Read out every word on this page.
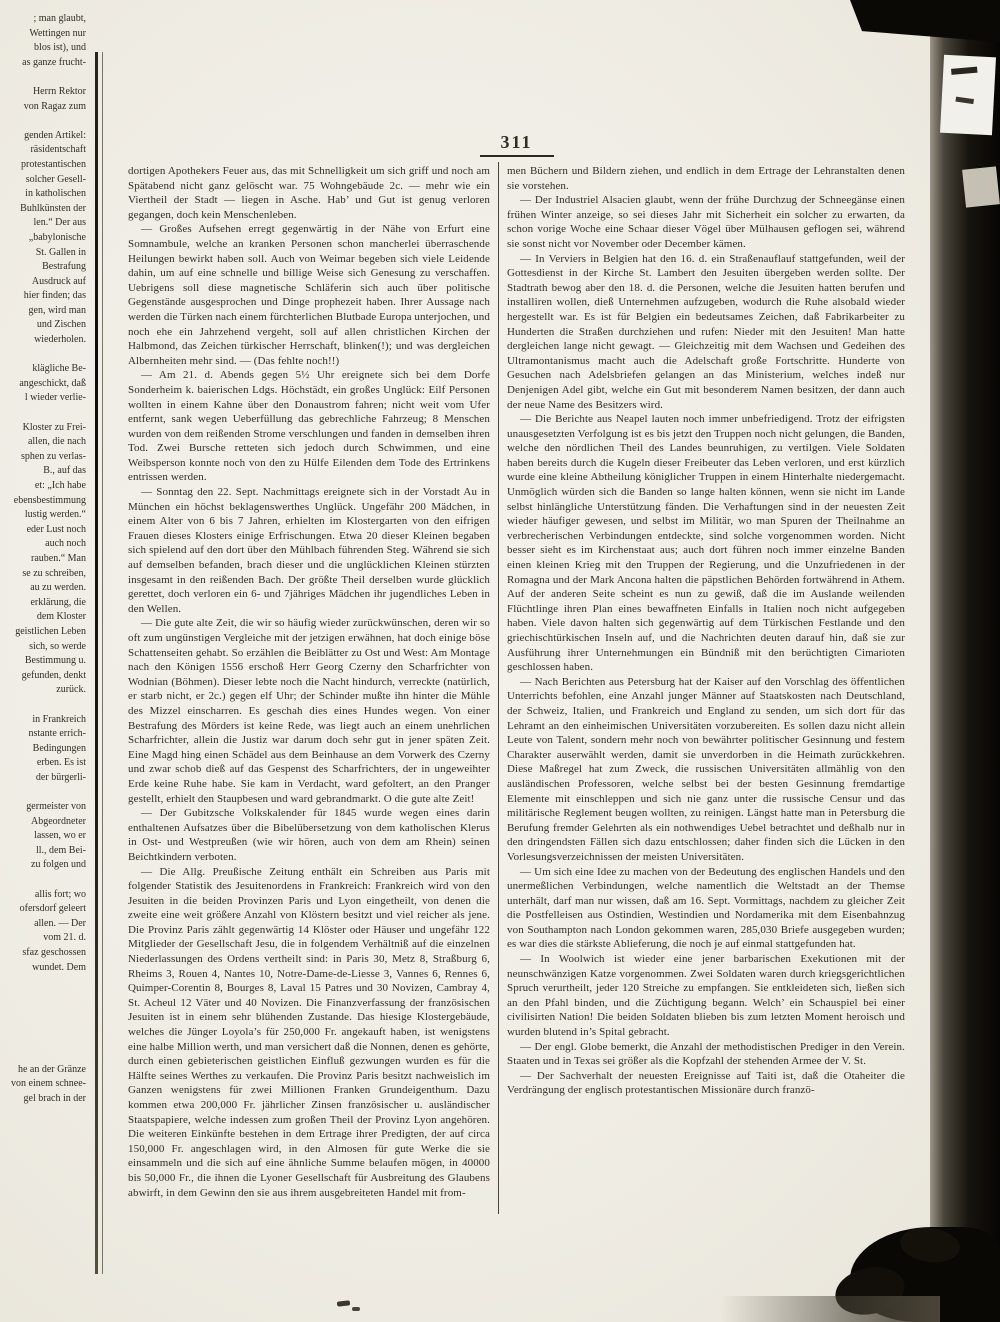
; man glaubt,
Wettingen nur
blos ist), und
as ganze frucht-
Herrn Rektor
von Ragaz zum
genden Artikel:
räsidentschaft
protestantischen
solcher Gesell-
in katholischen
Buhlkünsten der
len.“ Der aus
„babylonische
St. Gallen in
Bestrafung
Ausdruck auf
hier finden; das
gen, wird man
und Zischen
wiederholen.
klägliche Be-
angeschickt, daß
l wieder verlie-
Kloster zu Frei-
allen, die nach
sphen zu verlas-
B., auf das
et: „Ich habe
ebensbestimmung
lustig werden.“
eder Lust noch
auch noch
rauben.“ Man
se zu schreiben,
au zu werden.
erklärung, die
dem Kloster
geistlichen Leben
sich, so werde
Bestimmung u.
gefunden, denkt
zurück.
in Frankreich
nstante errich-
Bedingungen
erben. Es ist
der bürgerli-
germeister von
Abgeordneter
lassen, wo er
ll., dem Bei-
zu folgen und
allis fort; wo
ofersdorf geleert
allen. — Der
vom 21. d.
sfaz geschossen
wundet. Dem
he an der Gränze
von einem schnee-
gel brach in der
311

dortigen Apothekers Feuer aus, das mit Schnelligkeit um sich griff und noch am Spätabend nicht ganz gelöscht war. 75 Wohngebäude 2c. — mehr wie ein Viertheil der Stadt — liegen in Asche. Hab’ und Gut ist genug verloren gegangen, doch kein Menschenleben.

— Großes Aufsehen erregt gegenwärtig in der Nähe von Erfurt eine Somnambule, welche an kranken Personen schon mancherlei überraschende Heilungen bewirkt haben soll. Auch von Weimar begeben sich viele Leidende dahin, um auf eine schnelle und billige Weise sich Genesung zu verschaffen. Uebrigens soll diese magnetische Schläferin sich auch über politische Gegenstände ausgesprochen und Dinge prophezeit haben. Ihrer Aussage nach werden die Türken nach einem fürchterlichen Blutbade Europa unterjochen, und noch ehe ein Jahrzehend vergeht, soll auf allen christlichen Kirchen der Halbmond, das Zeichen türkischer Herrschaft, blinken(!); und was dergleichen Albernheiten mehr sind. — (Das fehlte noch!!)

— Am 21. d. Abends gegen 5½ Uhr ereignete sich bei dem Dorfe Sonderheim k. baierischen Ldgs. Höchstädt, ein großes Unglück: Eilf Personen wollten in einem Kahne über den Donaustrom fahren; nicht weit vom Ufer entfernt, sank wegen Ueberfüllung das gebrechliche Fahrzeug; 8 Menschen wurden von dem reißenden Strome verschlungen und fanden in demselben ihren Tod. Zwei Bursche retteten sich jedoch durch Schwimmen, und eine Weibsperson konnte noch von den zu Hülfe Eilenden dem Tode des Ertrinkens entrissen werden.

— Sonntag den 22. Sept. Nachmittags ereignete sich in der Vorstadt Au in München ein höchst beklagenswerthes Unglück. Ungefähr 200 Mädchen, in einem Alter von 6 bis 7 Jahren, erhielten im Klostergarten von den eifrigen Frauen dieses Klosters einige Erfrischungen. Etwa 20 dieser Kleinen begaben sich spielend auf den dort über den Mühlbach führenden Steg. Während sie sich auf demselben befanden, brach dieser und die unglücklichen Kleinen stürzten insgesamt in den reißenden Bach. Der größte Theil derselben wurde glücklich gerettet, doch verloren ein 6- und 7jähriges Mädchen ihr jugendliches Leben in den Wellen.

— Die gute alte Zeit, die wir so häufig wieder zurückwünschen, deren wir so oft zum ungünstigen Vergleiche mit der jetzigen erwähnen, hat doch einige böse Schattenseiten gehabt. So erzählen die Beiblätter zu Ost und West: Am Montage nach den Königen 1556 erschoß Herr Georg Czerny den Scharfrichter von Wodnian (Böhmen). Dieser lebte noch die Nacht hindurch, verreckte (natürlich, er starb nicht, er 2c.) gegen elf Uhr; der Schinder mußte ihn hinter die Mühle des Mizzel einscharren. Es geschah dies eines Hundes wegen. Von einer Bestrafung des Mörders ist keine Rede, was liegt auch an einem unehrlichen Scharfrichter, allein die Justiz war darum doch sehr gut in jener späten Zeit. Eine Magd hing einen Schädel aus dem Beinhause an dem Vorwerk des Czerny und zwar schob dieß auf das Gespenst des Scharfrichters, der in ungeweihter Erde keine Ruhe habe. Sie kam in Verdacht, ward gefoltert, an den Pranger gestellt, erhielt den Staupbesen und ward gebrandmarkt. O die gute alte Zeit!

— Der Gubitzsche Volkskalender für 1845 wurde wegen eines darin enthaltenen Aufsatzes über die Bibelübersetzung von dem katholischen Klerus in Ost- und Westpreußen (wie wir hören, auch von dem am Rhein) seinen Beichtkindern verboten.

— Die Allg. Preußische Zeitung enthält ein Schreiben aus Paris mit folgender Statistik des Jesuitenordens in Frankreich: Frankreich wird von den Jesuiten in die beiden Provinzen Paris und Lyon eingetheilt, von denen die zweite eine weit größere Anzahl von Klöstern besitzt und viel reicher als jene. Die Provinz Paris zählt gegenwärtig 14 Klöster oder Häuser und ungefähr 122 Mitglieder der Gesellschaft Jesu, die in folgendem Verhältniß auf die einzelnen Niederlassungen des Ordens vertheilt sind: in Paris 30, Metz 8, Straßburg 6, Rheims 3, Rouen 4, Nantes 10, Notre-Dame-de-Liesse 3, Vannes 6, Rennes 6, Quimper-Corentin 8, Bourges 8, Laval 15 Patres und 30 Novizen, Cambray 4, St. Acheul 12 Väter und 40 Novizen. Die Finanzverfassung der französischen Jesuiten ist in einem sehr blühenden Zustande. Das hiesige Klostergebäude, welches die Jünger Loyola’s für 250,000 Fr. angekauft haben, ist wenigstens eine halbe Million werth, und man versichert daß die Nonnen, denen es gehörte, durch einen gebieterischen geistlichen Einfluß gezwungen wurden es für die Hälfte seines Werthes zu verkaufen. Die Provinz Paris besitzt nachweislich im Ganzen wenigstens für zwei Millionen Franken Grundeigenthum. Dazu kommen etwa 200,000 Fr. jährlicher Zinsen französischer u. ausländischer Staatspapiere, welche indessen zum großen Theil der Provinz Lyon angehören. Die weiteren Einkünfte bestehen in dem Ertrage ihrer Predigten, der auf circa 150,000 Fr. angeschlagen wird, in den Almosen für gute Werke die sie einsammeln und die sich auf eine ähnliche Summe belaufen mögen, in 40000 bis 50,000 Fr., die ihnen die Lyoner Gesellschaft für Ausbreitung des Glaubens abwirft, in dem Gewinn den sie aus ihrem ausgebreiteten Handel mit from-

men Büchern und Bildern ziehen, und endlich in dem Ertrage der Lehranstalten denen sie vorstehen.

— Der Industriel Alsacien glaubt, wenn der frühe Durchzug der Schneegänse einen frühen Winter anzeige, so sei dieses Jahr mit Sicherheit ein solcher zu erwarten, da schon vorige Woche eine Schaar dieser Vögel über Mülhausen geflogen sei, während sie sonst nicht vor November oder December kämen.

— In Verviers in Belgien hat den 16. d. ein Straßenauflauf stattgefunden, weil der Gottesdienst in der Kirche St. Lambert den Jesuiten übergeben werden sollte. Der Stadtrath bewog aber den 18. d. die Personen, welche die Jesuiten hatten berufen und installiren wollen, dieß Unternehmen aufzugeben, wodurch die Ruhe alsobald wieder hergestellt war. Es ist für Belgien ein bedeutsames Zeichen, daß Fabrikarbeiter zu Hunderten die Straßen durchziehen und rufen: Nieder mit den Jesuiten! Man hatte dergleichen lange nicht gewagt. — Gleichzeitig mit dem Wachsen und Gedeihen des Ultramontanismus macht auch die Adelschaft große Fortschritte. Hunderte von Gesuchen nach Adelsbriefen gelangen an das Ministerium, welches indeß nur Denjenigen Adel gibt, welche ein Gut mit besonderem Namen besitzen, der dann auch der neue Name des Besitzers wird.

— Die Berichte aus Neapel lauten noch immer unbefriedigend. Trotz der eifrigsten unausgesetzten Verfolgung ist es bis jetzt den Truppen noch nicht gelungen, die Banden, welche den nördlichen Theil des Landes beunruhigen, zu vertilgen. Viele Soldaten haben bereits durch die Kugeln dieser Freibeuter das Leben verloren, und erst kürzlich wurde eine kleine Abtheilung königlicher Truppen in einem Hinterhalte niedergemacht. Unmöglich würden sich die Banden so lange halten können, wenn sie nicht im Lande selbst hinlängliche Unterstützung fänden. Die Verhaftungen sind in der neuesten Zeit wieder häufiger gewesen, und selbst im Militär, wo man Spuren der Theilnahme an verbrecherischen Verbindungen entdeckte, sind solche vorgenommen worden. Nicht besser sieht es im Kirchenstaat aus; auch dort führen noch immer einzelne Banden einen kleinen Krieg mit den Truppen der Regierung, und die Unzufriedenen in der Romagna und der Mark Ancona halten die päpstlichen Behörden fortwährend in Athem. Auf der anderen Seite scheint es nun zu gewiß, daß die im Auslande weilenden Flüchtlinge ihren Plan eines bewaffneten Einfalls in Italien noch nicht aufgegeben haben. Viele davon halten sich gegenwärtig auf dem Türkischen Festlande und den griechischtürkischen Inseln auf, und die Nachrichten deuten darauf hin, daß sie zur Ausführung ihrer Unternehmungen ein Bündniß mit den berüchtigten Cimarioten geschlossen haben.

— Nach Berichten aus Petersburg hat der Kaiser auf den Vorschlag des öffentlichen Unterrichts befohlen, eine Anzahl junger Männer auf Staatskosten nach Deutschland, der Schweiz, Italien, und Frankreich und England zu senden, um sich dort für das Lehramt an den einheimischen Universitäten vorzubereiten. Es sollen dazu nicht allein Leute von Talent, sondern mehr noch von bewährter politischer Gesinnung und festem Charakter auserwählt werden, damit sie unverdorben in die Heimath zurückkehren. Diese Maßregel hat zum Zweck, die russischen Universitäten allmählig von den ausländischen Professoren, welche selbst bei der besten Gesinnung fremdartige Elemente mit einschleppen und sich nie ganz unter die russische Censur und das militärische Reglement beugen wollten, zu reinigen. Längst hatte man in Petersburg die Berufung fremder Gelehrten als ein nothwendiges Uebel betrachtet und deßhalb nur in den dringendsten Fällen sich dazu entschlossen; daher finden sich die Lücken in den Vorlesungsverzeichnissen der meisten Universitäten.

— Um sich eine Idee zu machen von der Bedeutung des englischen Handels und den unermeßlichen Verbindungen, welche namentlich die Weltstadt an der Themse unterhält, darf man nur wissen, daß am 16. Sept. Vormittags, nachdem zu gleicher Zeit die Postfelleisen aus Ostindien, Westindien und Nordamerika mit dem Eisenbahnzug von Southampton nach London gekommen waren, 285,030 Briefe ausgegeben wurden; es war dies die stärkste Ablieferung, die noch je auf einmal stattgefunden hat.

— In Woolwich ist wieder eine jener barbarischen Exekutionen mit der neunschwänzigen Katze vorgenommen. Zwei Soldaten waren durch kriegsgerichtlichen Spruch verurtheilt, jeder 120 Streiche zu empfangen. Sie entkleideten sich, ließen sich an den Pfahl binden, und die Züchtigung begann. Welch’ ein Schauspiel bei einer civilisirten Nation! Die beiden Soldaten blieben bis zum letzten Moment heroisch und wurden blutend in’s Spital gebracht.

— Der engl. Globe bemerkt, die Anzahl der methodistischen Prediger in den Verein. Staaten und in Texas sei größer als die Kopfzahl der stehenden Armee der V. St.

— Der Sachverhalt der neuesten Ereignisse auf Taiti ist, daß die Otaheiter die Verdrängung der englisch protestantischen Missionäre durch franzö-
